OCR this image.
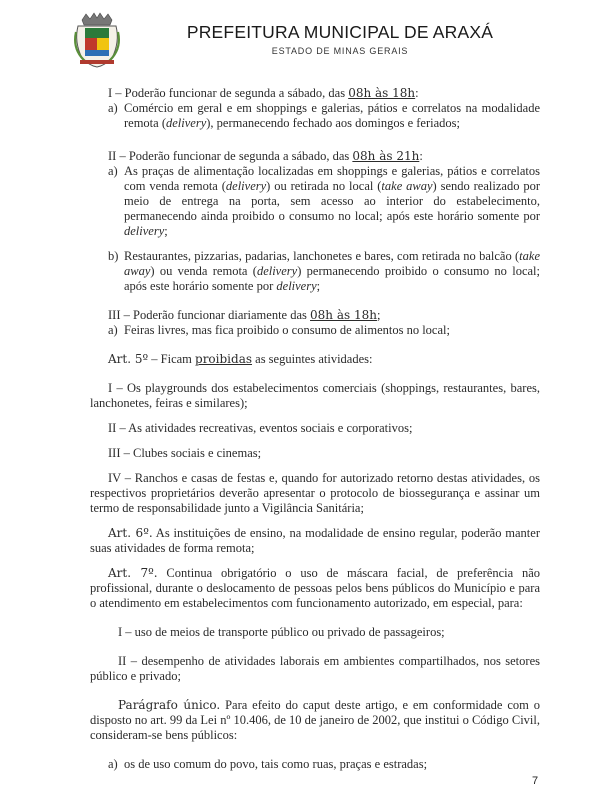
PREFEITURA MUNICIPAL DE ARAXÁ
ESTADO DE MINAS GERAIS

I – Poderão funcionar de segunda a sábado, das 08h às 18h:

a) Comércio em geral e em shoppings e galerias, pátios e correlatos na modalidade remota (delivery), permanecendo fechado aos domingos e feriados;

II – Poderão funcionar de segunda a sábado, das 08h às 21h:

a) As praças de alimentação localizadas em shoppings e galerias, pátios e correlatos com venda remota (delivery) ou retirada no local (take away) sendo realizado por meio de entrega na porta, sem acesso ao interior do estabelecimento, permanecendo ainda proibido o consumo no local; após este horário somente por delivery;
b) Restaurantes, pizzarias, padarias, lanchonetes e bares, com retirada no balcão (take away) ou venda remota (delivery) permanecendo proibido o consumo no local; após este horário somente por delivery;

III – Poderão funcionar diariamente das 08h às 18h;

a) Feiras livres, mas fica proibido o consumo de alimentos no local;

Art. 5º – Ficam proibidas as seguintes atividades:

I – Os playgrounds dos estabelecimentos comerciais (shoppings, restaurantes, bares, lanchonetes, feiras e similares);

II – As atividades recreativas, eventos sociais e corporativos;

III – Clubes sociais e cinemas;

IV – Ranchos e casas de festas e, quando for autorizado retorno destas atividades, os respectivos proprietários deverão apresentar o protocolo de biossegurança e assinar um termo de responsabilidade junto a Vigilância Sanitária;

Art. 6º. As instituições de ensino, na modalidade de ensino regular, poderão manter suas atividades de forma remota;

Art. 7º. Continua obrigatório o uso de máscara facial, de preferência não profissional, durante o deslocamento de pessoas pelos bens públicos do Município e para o atendimento em estabelecimentos com funcionamento autorizado, em especial, para:

I – uso de meios de transporte público ou privado de passageiros;

II – desempenho de atividades laborais em ambientes compartilhados, nos setores público e privado;

Parágrafo único. Para efeito do caput deste artigo, e em conformidade com o disposto no art. 99 da Lei nº 10.406, de 10 de janeiro de 2002, que institui o Código Civil, consideram-se bens públicos:

a) os de uso comum do povo, tais como ruas, praças e estradas;
7
